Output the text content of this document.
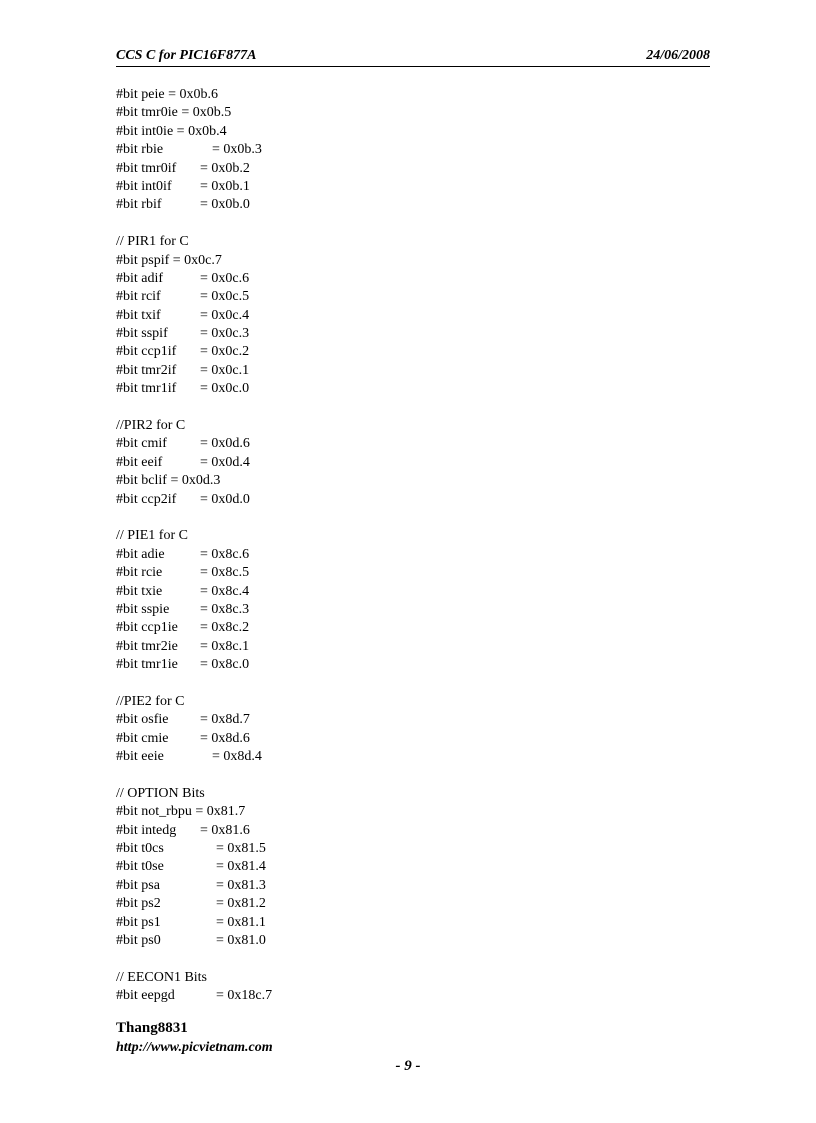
CCS C for PIC16F877A	24/06/2008
#bit peie = 0x0b.6
#bit tmr0ie = 0x0b.5
#bit int0ie = 0x0b.4
#bit rbie	= 0x0b.3
#bit tmr0if = 0x0b.2
#bit int0if = 0x0b.1
#bit rbif	= 0x0b.0
// PIR1 for C
#bit pspif = 0x0c.7
#bit adif	= 0x0c.6
#bit rcif	= 0x0c.5
#bit txif	= 0x0c.4
#bit sspif = 0x0c.3
#bit ccp1if = 0x0c.2
#bit tmr2if = 0x0c.1
#bit tmr1if = 0x0c.0
//PIR2 for C
#bit cmif = 0x0d.6
#bit eeif	= 0x0d.4
#bit bclif = 0x0d.3
#bit ccp2if = 0x0d.0
// PIE1 for C
#bit adie	= 0x8c.6
#bit rcie	= 0x8c.5
#bit txie	= 0x8c.4
#bit sspie = 0x8c.3
#bit ccp1ie = 0x8c.2
#bit tmr2ie = 0x8c.1
#bit tmr1ie = 0x8c.0
//PIE2 for C
#bit osfie = 0x8d.7
#bit cmie = 0x8d.6
#bit eeie	= 0x8d.4
// OPTION Bits
#bit not_rbpu = 0x81.7
#bit intedg = 0x81.6
#bit t0cs	= 0x81.5
#bit t0se	= 0x81.4
#bit psa	= 0x81.3
#bit ps2	= 0x81.2
#bit ps1	= 0x81.1
#bit ps0	= 0x81.0
// EECON1 Bits
#bit eepgd	= 0x18c.7
Thang8831
http://www.picvietnam.com
- 9 -
